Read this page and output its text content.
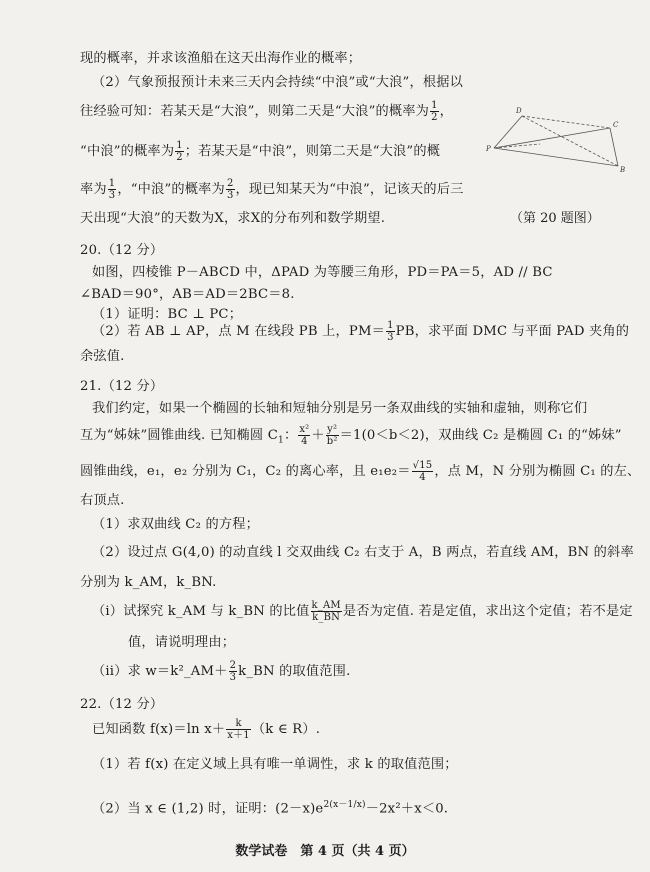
现的概率，并求该渔船在这天出海作业的概率；
（2）气象预报预计未来三天内会持续“中浪”或“大浪”，根据以
往经验可知：若某天是“大浪”，则第二天是“大浪”的概率为 $\frac{1}{2}$ ，
“中浪”的概率为 $\frac{1}{2}$ ；若某天是“中浪”，则第二天是“大浪”的概
率为 $\frac{1}{3}$ ，“中浪”的概率为 $\frac{2}{3}$ ，现已知某天为“中浪”，记该天的后三
天出现“大浪”的天数为X，求X的分布列和数学期望.
D
P
C
B
（第 20 题图）
20.（12 分）
如图，四棱锥 P－ABCD 中，ΔPAD 为等腰三角形，PD＝PA＝5，AD // BC
∠BAD＝90°，AB＝AD＝2BC＝8.
（1）证明：BC ⊥ PC；
（2）若 AB ⊥ AP，点 M 在线段 PB 上，$PM= \frac{1}{3}$ PB，求平面 DMC 与平面 PAD 夹角的
余弦值.
21.（12 分）
我们约定，如果一个椭圆的长轴和短轴分别是另一条双曲线的实轴和虚轴，则称它们
互为“姊妹”圆锥曲线. 已知椭圆 $C_1$： $\frac{\text{x²}}{4} + \frac{\text{y²}}{\text{b²}} =1(0<b<2)$，双曲线 C₂ 是椭圆 C₁ 的“姊妹”
圆锥曲线，e₁，e₂ 分别为 C₁，C₂ 的离心率，且 $e_1e_2= \frac{√15}{4}$ ，点 M，N 分别为椭圆 C₁ 的左、
右顶点.
（1）求双曲线 C₂ 的方程；
（2）设过点 G(4,0) 的动直线 l 交双曲线 C₂ 右支于 A，B 两点，若直线 AM，BN 的斜率
分别为 k_AM，k_BN.
（i）试探究 k_AM 与 k_BN 的比值 $\frac{k\_AM}{k\_BN}$ 是否为定值. 若是定值，求出这个定值；若不是定
值，请说明理由；
（ii）求 w＝k²_AM＋ $\frac{2}{3}$ k_BN 的取值范围.
22.（12 分）
已知函数 f(x)＝ln $x+ \frac{k}{x+1} (k$ ∈ R）.
（1）若 f(x) 在定义域上具有唯一单调性，求 k 的取值范围；
（2）当 x ∈ (1,2) 时，证明：$(2-x)e^{2(x-1/x)}-2x^2+x<0$.
数学试卷　第 4 页（共 4 页）
